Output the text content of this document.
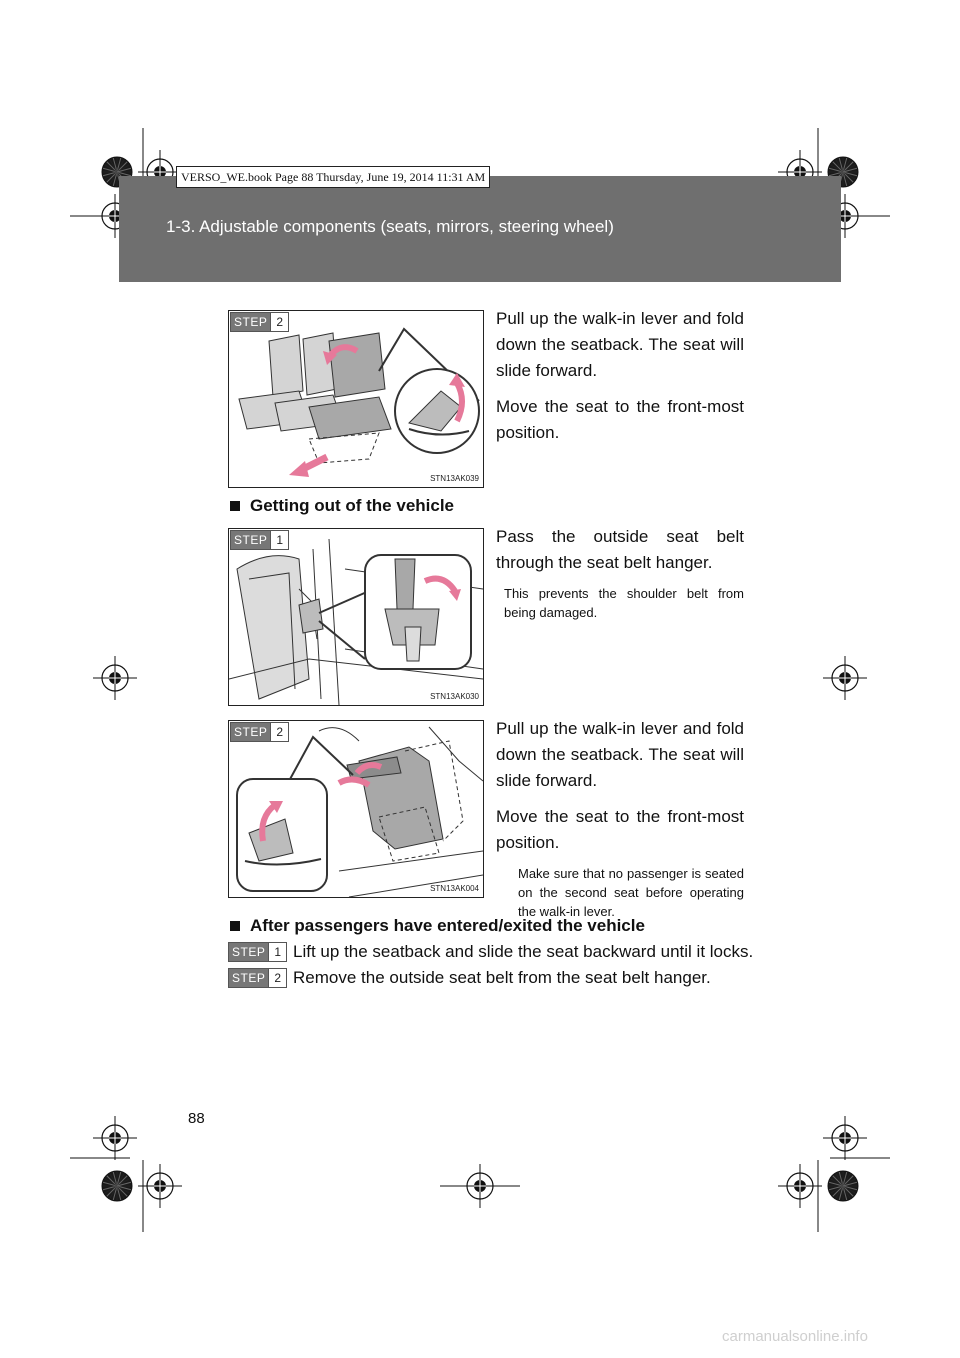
1-3. Adjustable components (seats, mirrors, steering wheel)
VERSO_WE.book Page 88 Thursday, June 19, 2014 11:31 AM
STEP 2
STN13AK039

Pull up the walk-in lever and fold down the seatback. The seat will slide forward.

Move the seat to the front-most position.

Getting out of the vehicle
STEP 1
STN13AK030

Pass the outside seat belt through the seat belt hanger.

This prevents the shoulder belt from being damaged.

STEP 2
STN13AK004

Pull up the walk-in lever and fold down the seatback. The seat will slide forward.

Move the seat to the front-most position.

Make sure that no passenger is seated on the second seat before operating the walk-in lever.

After passengers have entered/exited the vehicle
STEP 1 Lift up the seatback and slide the seat backward until it locks.
STEP 2 Remove the outside seat belt from the seat belt hanger.
88
carmanualsonline.info
